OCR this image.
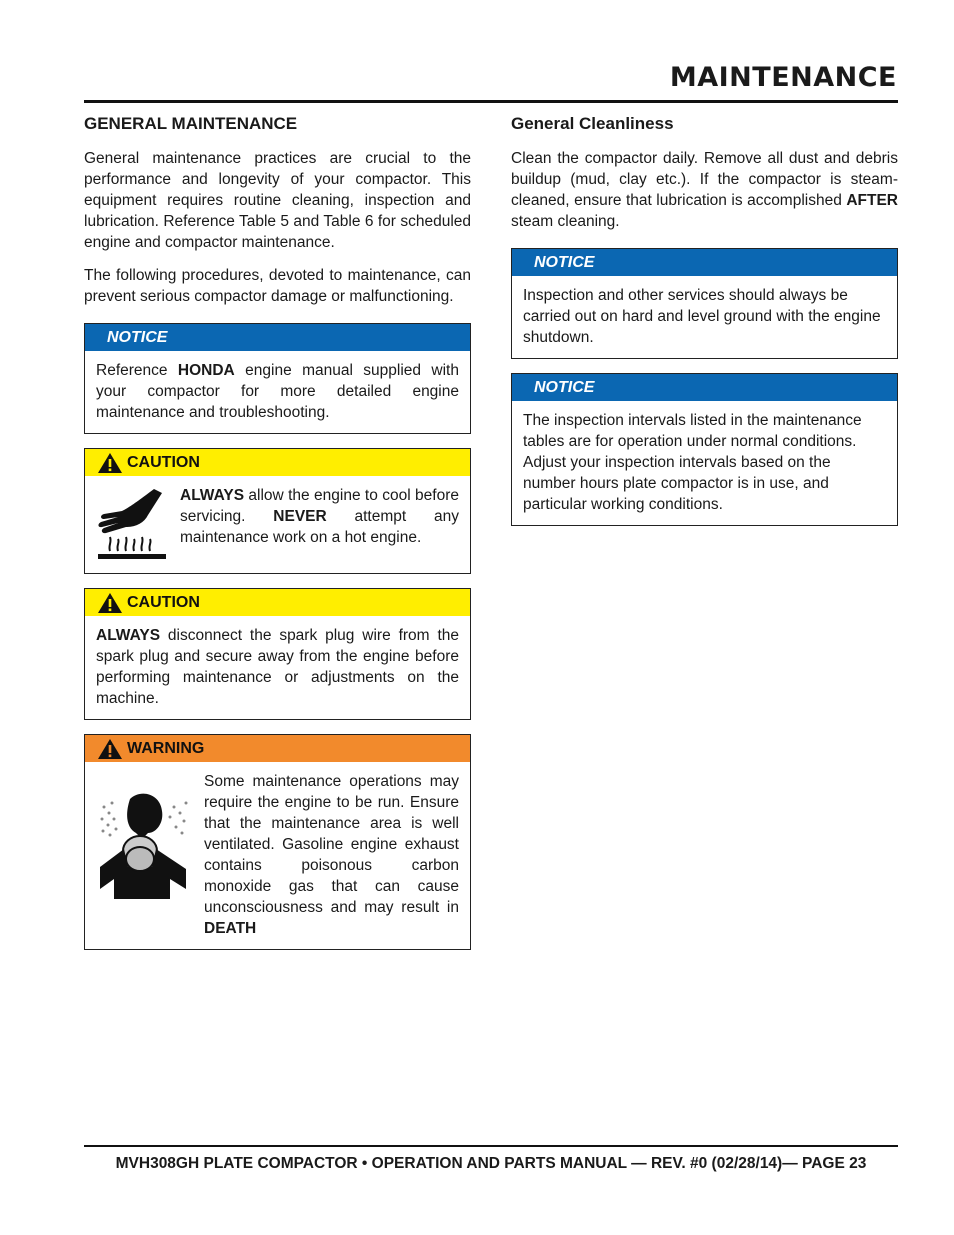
MAINTENANCE
GENERAL MAINTENANCE

General maintenance practices are crucial to the performance and longevity of your compactor. This equipment requires routine cleaning, inspection and lubrication. Reference Table 5 and Table 6 for scheduled engine and compactor maintenance.

The following procedures, devoted to maintenance, can prevent serious compactor damage or malfunctioning.

NOTICE
Reference HONDA engine manual supplied with your compactor for more detailed engine maintenance and troubleshooting.
CAUTION
ALWAYS allow the engine to cool before servicing. NEVER attempt any maintenance work on a hot engine.
CAUTION
ALWAYS disconnect the spark plug wire from the spark plug and secure away from the engine before performing maintenance or adjustments on the machine.
WARNING
Some maintenance operations may require the engine to be run. Ensure that the maintenance area is well ventilated. Gasoline engine exhaust contains poisonous carbon monoxide gas that can cause unconsciousness and may result in DEATH
General Cleanliness

Clean the compactor daily. Remove all dust and debris buildup (mud, clay etc.). If the compactor is steam-cleaned, ensure that lubrication is accomplished AFTER steam cleaning.

NOTICE
Inspection and other services should always be carried out on hard and level ground with the engine shutdown.
NOTICE
The inspection intervals listed in the maintenance tables are for operation under normal conditions. Adjust your inspection intervals based on the number hours plate compactor is in use, and particular working conditions.
MVH308GH PLATE COMPACTOR • OPERATION AND PARTS MANUAL — REV. #0 (02/28/14)— PAGE 23
